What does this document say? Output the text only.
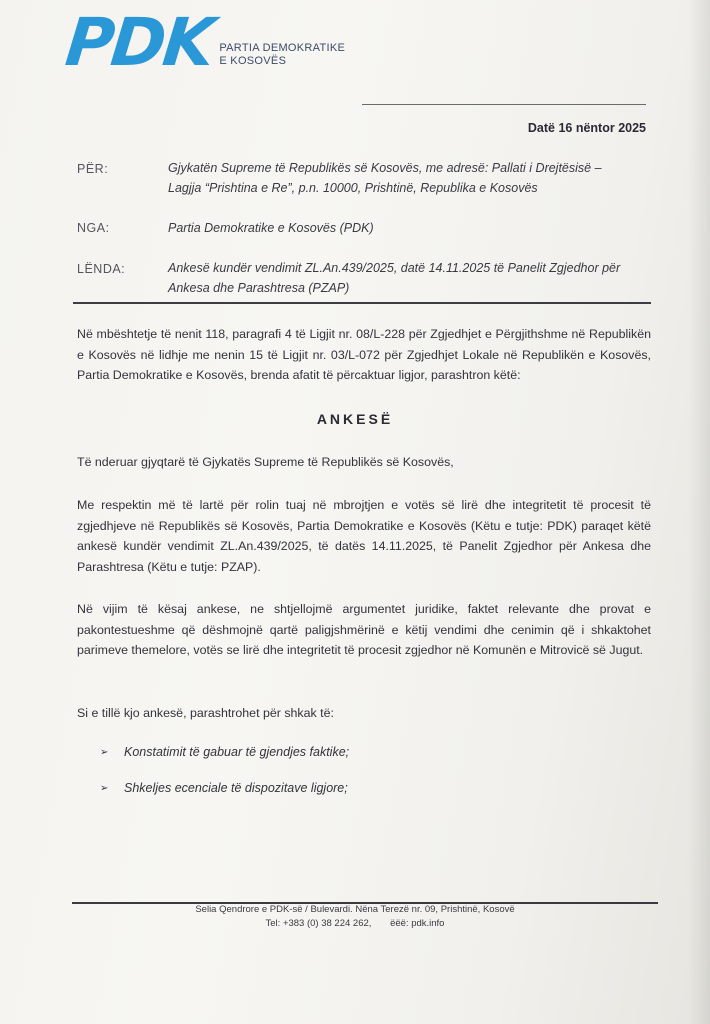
PDK PARTIA DEMOKRATIKE
E KOSOVËS
Datë 16 nëntor 2025
PËR:	Gjykatën Supreme të Republikës së Kosovës, me adresë: Pallati i Drejtësisë –
Lagjja “Prishtina e Re”, p.n. 10000, Prishtinë, Republika e Kosovës
NGA:	Partia Demokratike e Kosovës (PDK)
LËNDA:	Ankesë kundër vendimit ZL.An.439/2025, datë 14.11.2025 të Panelit Zgjedhor për
Ankesa dhe Parashtresa (PZAP)
Në mbështetje të nenit 118, paragrafi 4 të Ligjit nr. 08/L-228 për Zgjedhjet e Përgjithshme në Republikën e Kosovës në lidhje me nenin 15 të Ligjit nr. 03/L-072 për Zgjedhjet Lokale në Republikën e Kosovës, Partia Demokratike e Kosovës, brenda afatit të përcaktuar ligjor, parashtron këtë:
ANKESË
Të nderuar gjyqtarë të Gjykatës Supreme të Republikës së Kosovës,
Me respektin më të lartë për rolin tuaj në mbrojtjen e votës së lirë dhe integritetit të procesit të zgjedhjeve në Republikës së Kosovës, Partia Demokratike e Kosovës (Këtu e tutje: PDK) paraqet këtë ankesë kundër vendimit ZL.An.439/2025, të datës 14.11.2025, të Panelit Zgjedhor për Ankesa dhe Parashtresa (Këtu e tutje: PZAP).
Në vijim të kësaj ankese, ne shtjellojmë argumentet juridike, faktet relevante dhe provat e pakontestueshme që dëshmojnë qartë paligjshmërinë e këtij vendimi dhe cenimin që i shkaktohet parimeve themelore, votës se lirë dhe integritetit të procesit zgjedhor në Komunën e Mitrovicë së Jugut.
Si e tillë kjo ankesë, parashtrohet për shkak të:
➢ Konstatimit të gabuar të gjendjes faktike;
➢ Shkeljes ecenciale të dispozitave ligjore;
Selia Qendrore e PDK-së / Bulevardi. Nëna Terezë nr. 09, Prishtinë, Kosovë
Tel: +383 (0) 38 224 262, ëëë: pdk.info
